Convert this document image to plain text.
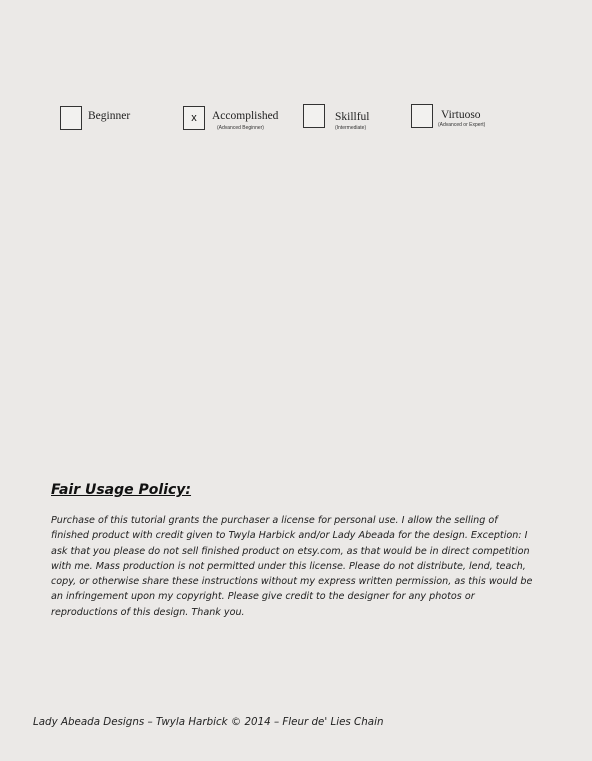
Beginner	x	Accomplished
(Advanced Beginner)
Skillful
(Intermediate)
Virtuoso
(Advanced or Expert)
Fair Usage Policy:
Purchase of this tutorial grants the purchaser a license for personal use. I allow the selling of
finished product with credit given to Twyla Harbick and/or Lady Abeada for the design. Exception: I
ask that you please do not sell finished product on etsy.com, as that would be in direct competition
with me. Mass production is not permitted under this license. Please do not distribute, lend, teach,
copy, or otherwise share these instructions without my express written permission, as this would be
an infringement upon my copyright. Please give credit to the designer for any photos or
reproductions of this design. Thank you.
Lady Abeada Designs – Twyla Harbick © 2014 – Fleur de' Lies Chain
